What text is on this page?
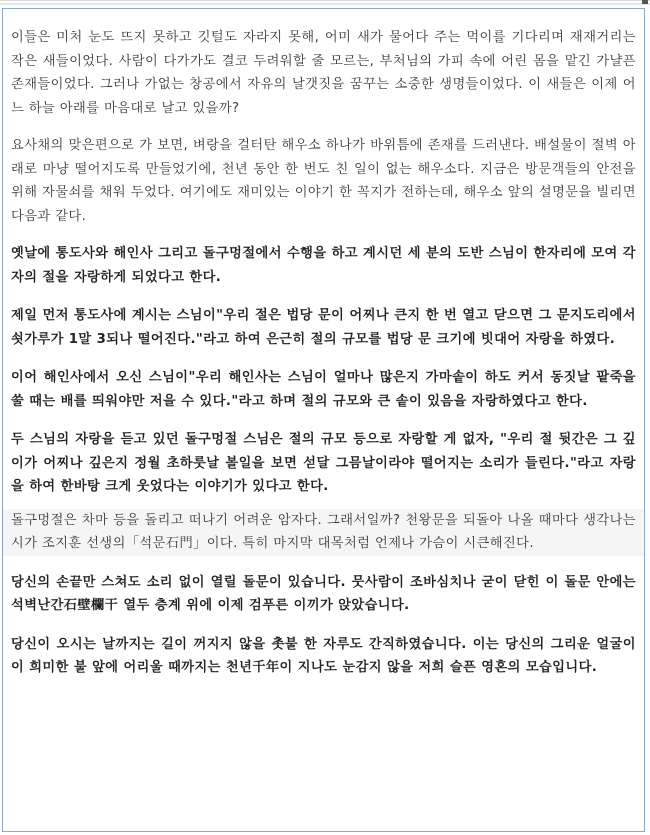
이들은 미처 눈도 뜨지 못하고 깃털도 자라지 못해, 어미 새가 물어다 주는 먹이를 기다리며 재재거리는 작은 새들이었다. 사람이 다가가도 결코 두려워할 줄 모르는, 부처님의 가피 속에 어린 몸을 맡긴 가냘픈 존재들이었다. 그러나 가없는 창공에서 자유의 날갯짓을 꿈꾸는 소중한 생명들이었다. 이 새들은 이제 어느 하늘 아래를 마음대로 날고 있을까?

요사채의 맞은편으로 가 보면, 벼랑을 걸터탄 해우소 하나가 바위틈에 존재를 드러낸다. 배설물이 절벽 아래로 마냥 떨어지도록 만들었기에, 천년 동안 한 번도 친 일이 없는 해우소다. 지금은 방문객들의 안전을 위해 자물쇠를 채워 두었다. 여기에도 재미있는 이야기 한 꼭지가 전하는데, 해우소 앞의 설명문을 빌리면 다음과 같다.

옛날에 통도사와 해인사 그리고 돌구멍절에서 수행을 하고 계시던 세 분의 도반 스님이 한자리에 모여 각자의 절을 자랑하게 되었다고 한다.

제일 먼저 통도사에 계시는 스님이"우리 절은 법당 문이 어찌나 큰지 한 번 열고 닫으면 그 문지도리에서 쇳가루가 1말 3되나 떨어진다."라고 하여 은근히 절의 규모를 법당 문 크기에 빗대어 자랑을 하였다.

이어 해인사에서 오신 스님이"우리 해인사는 스님이 얼마나 많은지 가마솥이 하도 커서 동짓날 팥죽을 쑬 때는 배를 띄워야만 저을 수 있다."라고 하며 절의 규모와 큰 솥이 있음을 자랑하였다고 한다.

두 스님의 자랑을 듣고 있던 돌구멍절 스님은 절의 규모 등으로 자랑할 게 없자, "우리 절 뒷간은 그 깊이가 어찌나 깊은지 정월 초하룻날 볼일을 보면 섣달 그믐날이라야 떨어지는 소리가 들린다."라고 자랑을 하여 한바탕 크게 웃었다는 이야기가 있다고 한다.

돌구멍절은 차마 등을 돌리고 떠나기 어려운 암자다. 그래서일까? 천왕문을 되돌아 나올 때마다 생각나는 시가 조지훈 선생의「석문石門」이다. 특히 마지막 대목처럼 언제나 가슴이 시큰해진다.

당신의 손끝만 스쳐도 소리 없이 열릴 돌문이 있습니다. 뭇사람이 조바심치나 굳이 닫힌 이 돌문 안에는 석벽난간石壁欄干 열두 층계 위에 이제 검푸른 이끼가 앉았습니다.

당신이 오시는 날까지는 길이 꺼지지 않을 촛불 한 자루도 간직하였습니다. 이는 당신의 그리운 얼굴이 이 희미한 불 앞에 어리울 때까지는 천년千年이 지나도 눈감지 않을 저희 슬픈 영혼의 모습입니다.
